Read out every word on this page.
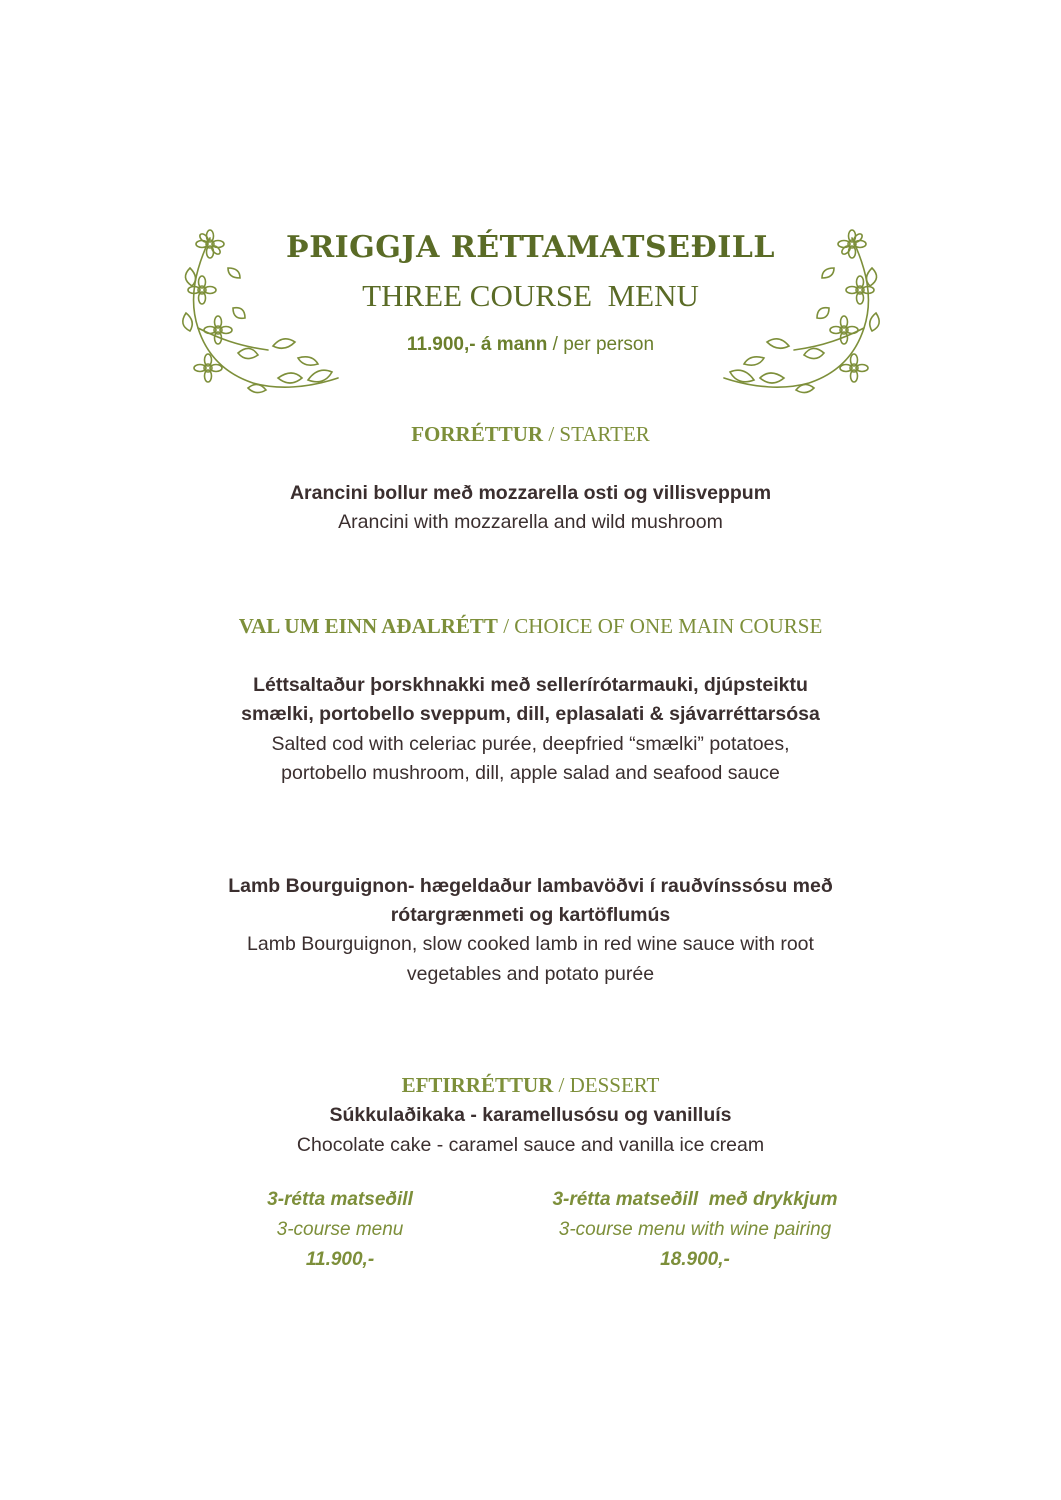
ÞRIGGJA RÉTTAMATSEÐILL
THREE COURSE  MENU
11.900,- á mann / per person
FORRÉTTUR / STARTER
Arancini bollur með mozzarella osti og villisveppum
Arancini with mozzarella and wild mushroom
VAL UM EINN AÐALRÉTT / CHOICE OF ONE MAIN COURSE
Léttsaltaður þorskhnakki með sellerírótarmauki, djúpsteiktu
smælki, portobello sveppum, dill, eplasalati & sjávarréttarsósa
Salted cod with celeriac purée, deepfried “smælki” potatoes,
portobello mushroom, dill, apple salad and seafood sauce
Lamb Bourguignon- hægeldaður lambavöðvi í rauðvínssósu með
rótargrænmeti og kartöflumús
Lamb Bourguignon, slow cooked lamb in red wine sauce with root
vegetables and potato purée
EFTIRRÉTTUR / DESSERT
Súkkulaðikaka - karamellusósu og vanilluís
Chocolate cake - caramel sauce and vanilla ice cream
3-rétta matseðill
3-course menu
11.900,-
3-rétta matseðill  með drykkjum
3-course menu with wine pairing
18.900,-
